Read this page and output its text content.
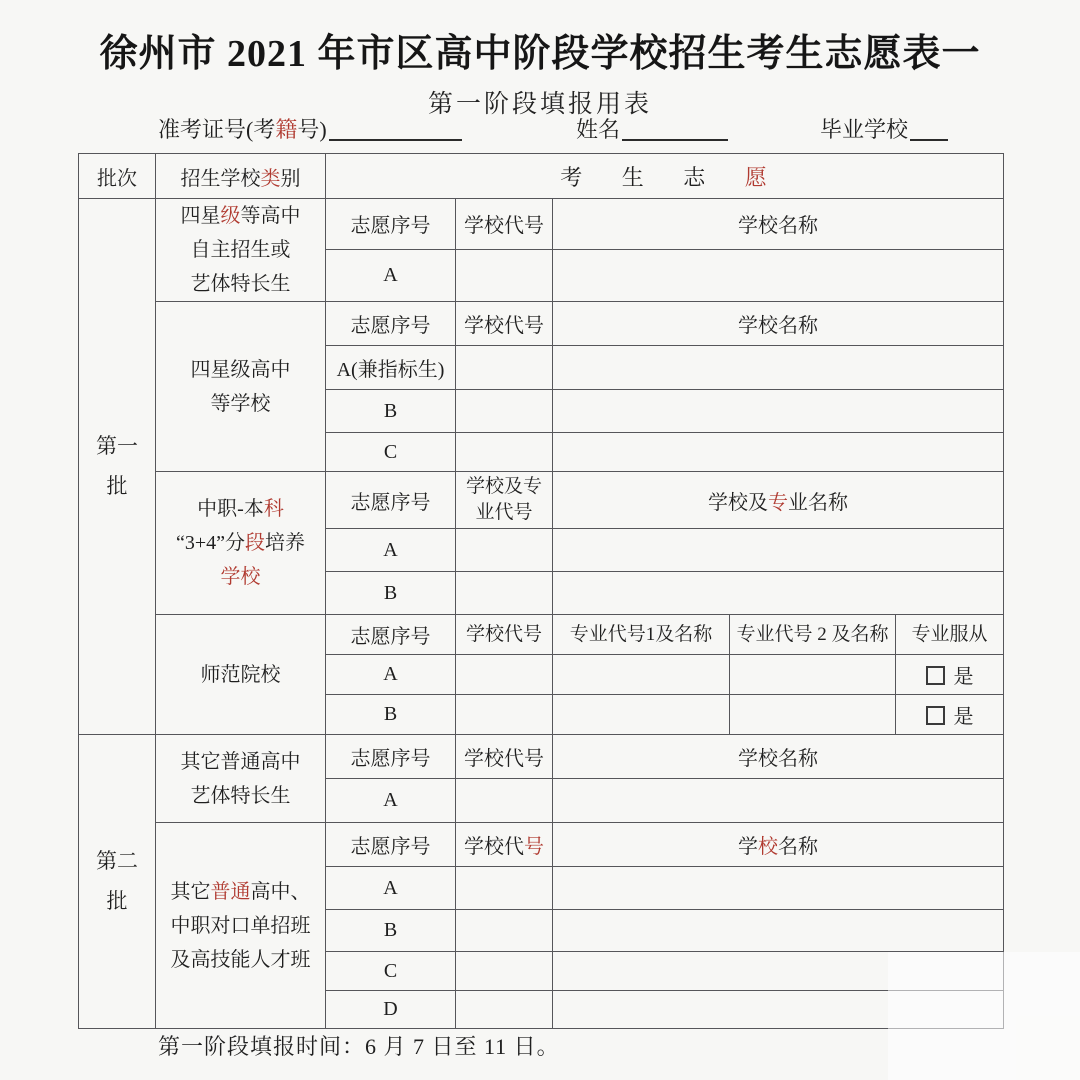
徐州市 2021 年市区高中阶段学校招生考生志愿表一
第一阶段填报用表
准考证号(考籍号)	姓名	毕业学校
批次	招生学校类别	考 生 志 愿				
第一
批	四星级等高中
自主招生或
艺体特长生	志愿序号	学校代号	学校名称		
		A				
	四星级高中
等学校	志愿序号	学校代号	学校名称		
		A(兼指标生)				
		B				
		C				
	中职-本科
“3+4”分段培养
学校	志愿序号	学校及专
业代号	学校及专业名称		
		A				
		B				
	师范院校	志愿序号	学校代号	专业代号1及名称	专业代号 2 及名称	专业服从
		A				是
		B				是
第二
批	其它普通高中
艺体特长生	志愿序号	学校代号	学校名称		
		A				
	其它普通高中、
中职对口单招班
及高技能人才班	志愿序号	学校代号	学校名称		
		A				
		B				
		C				
		D				
第一阶段填报时间：6 月 7 日至 11 日。
